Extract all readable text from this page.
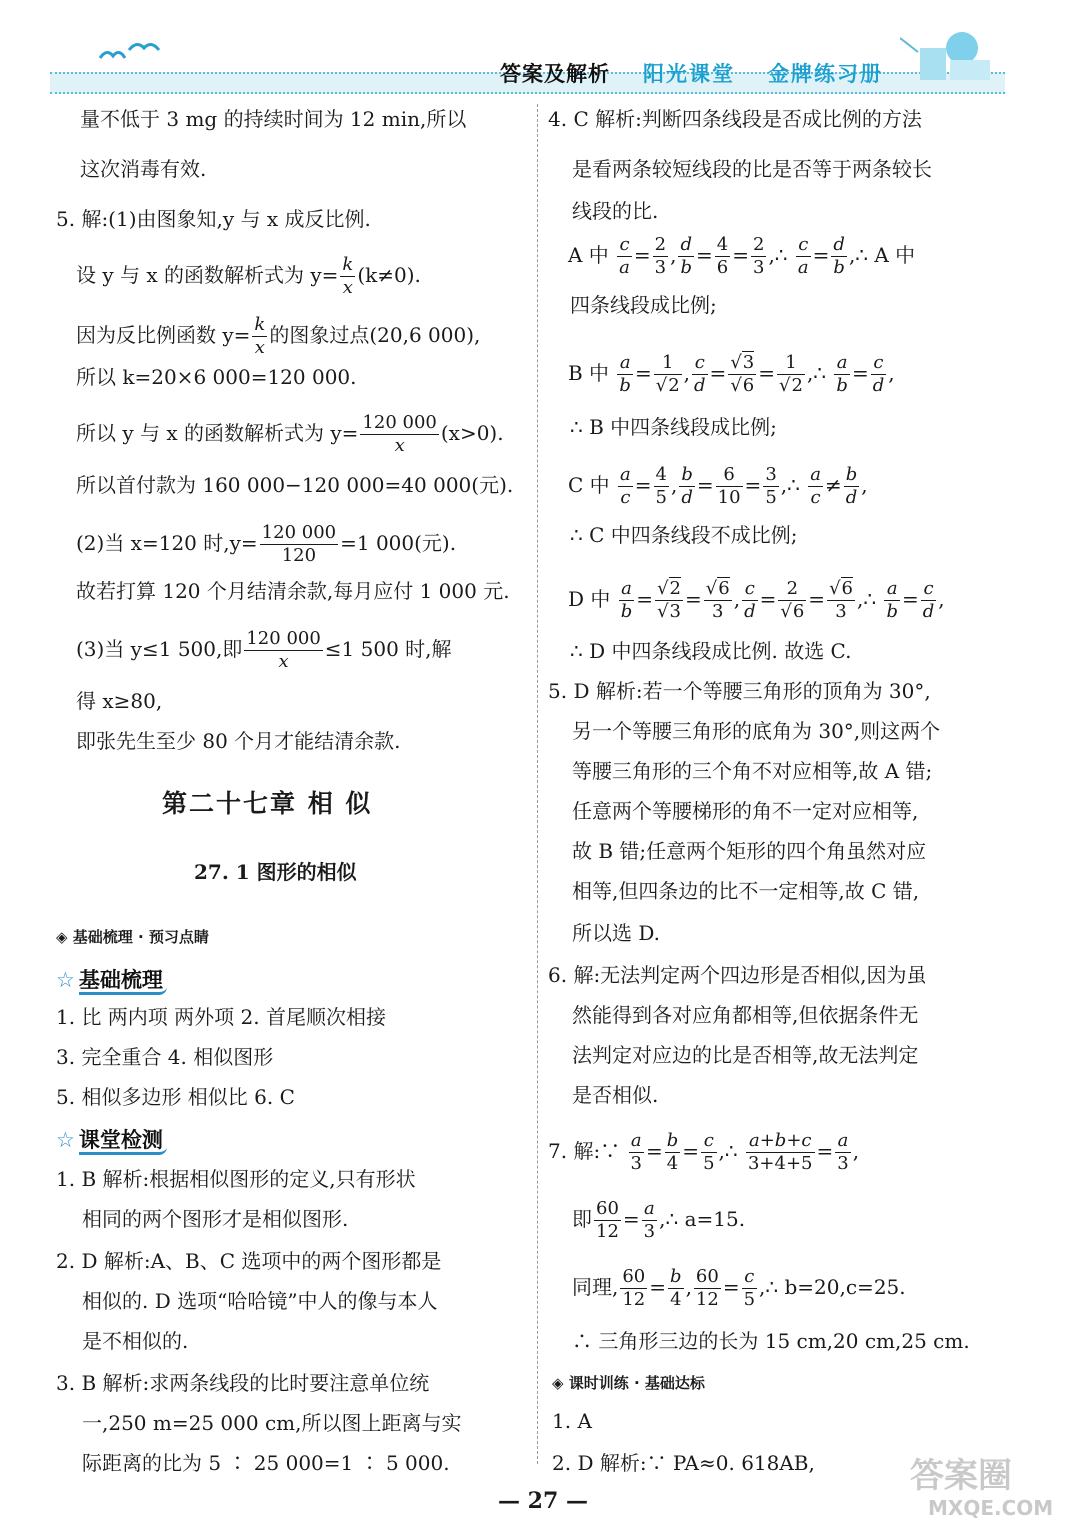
答案及解析 阳光课堂 金牌练习册
量不低于 3 mg 的持续时间为 12 min,所以
这次消毒有效.
5. 解:(1)由图象知,y 与 x 成反比例.
设 y 与 x 的函数解析式为 $y= \frac{k}{x} (k\ne 0)$.
因为反比例函数 $y= \frac{k}{x}$ 的图象过点(20,6 000),
所以 k=20×6 000=120 000.
所以 y 与 x 的函数解析式为 $y= \frac{120 000}{x} (x>0)$.
所以首付款为 160 000−120 000=40 000(元).
(2)当 x=120 时$,y= \frac{120 000}{120} =1$ 000(元).
故若打算 120 个月结清余款,每月应付 1 000 元.
(3)当 y≤1 500,即 $\frac{120 000}{x} \le 1$ 500 时,解
得 x≥80,
即张先生至少 80 个月才能结清余款.
第二十七章 相 似
27. 1 图形的相似
◈ 基础梳理 · 预习点睛
☆ 基础梳理
1. 比 两内项 两外项 2. 首尾顺次相接
3. 完全重合 4. 相似图形
5. 相似多边形 相似比 6. C
☆ 课堂检测
1. B 解析:根据相似图形的定义,只有形状
相同的两个图形才是相似图形.
2. D 解析:A、B、C 选项中的两个图形都是
相似的. D 选项“哈哈镜”中人的像与本人
是不相似的.
3. B 解析:求两条线段的比时要注意单位统
一,250 m=25 000 cm,所以图上距离与实
际距离的比为 5 ∶ 25 000=1 ∶ 5 000.
4. C 解析:判断四条线段是否成比例的方法
是看两条较短线段的比是否等于两条较长
线段的比.
A 中 $\frac{c}{a} = \frac{2}{3}$ , $\frac{d}{b} = \frac{4}{6} = \frac{2}{3}$ ,∴ $\frac{c}{a} = \frac{d}{b}$ ,∴ A 中
四条线段成比例;
B 中 $\frac{a}{b} = \frac{1}{√2}$ , $\frac{c}{d} = \frac{√3}{√6} = \frac{1}{√2}$ ,∴ $\frac{a}{b} = \frac{c}{d}$ ,
∴ B 中四条线段成比例;
C 中 $\frac{a}{c} = \frac{4}{5}$ , $\frac{b}{d} = \frac{6}{10} = \frac{3}{5}$ ,∴ $\frac{a}{c} \ne \frac{b}{d}$ ,
∴ C 中四条线段不成比例;
D 中 $\frac{a}{b} = \frac{√2}{√3} = \frac{√6}{3}$ , $\frac{c}{d} = \frac{2}{√6} = \frac{√6}{3}$ ,∴ $\frac{a}{b} = \frac{c}{d}$ ,
∴ D 中四条线段成比例. 故选 C.
5. D 解析:若一个等腰三角形的顶角为 30°,
另一个等腰三角形的底角为 30°,则这两个
等腰三角形的三个角不对应相等,故 A 错;
任意两个等腰梯形的角不一定对应相等,
故 B 错;任意两个矩形的四个角虽然对应
相等,但四条边的比不一定相等,故 C 错,
所以选 D.
6. 解:无法判定两个四边形是否相似,因为虽
然能得到各对应角都相等,但依据条件无
法判定对应边的比是否相等,故无法判定
是否相似.
7. 解:∵ $\frac{a}{3} = \frac{b}{4} = \frac{c}{5}$ ,∴ $\frac{a+b+c}{3+4+5} = \frac{a}{3}$ ,
即 $\frac{60}{12} = \frac{a}{3}$ ,∴ a=15.
同理, $\frac{60}{12} = \frac{b}{4}$ , $\frac{60}{12} = \frac{c}{5}$ ,∴ b=20,c=25.
∴ 三角形三边的长为 15 cm,20 cm,25 cm.
◈ 课时训练 · 基础达标
1. A
2. D 解析:∵ PA≈0. 618AB,
— 27 —
答案圈
MXQE.COM
